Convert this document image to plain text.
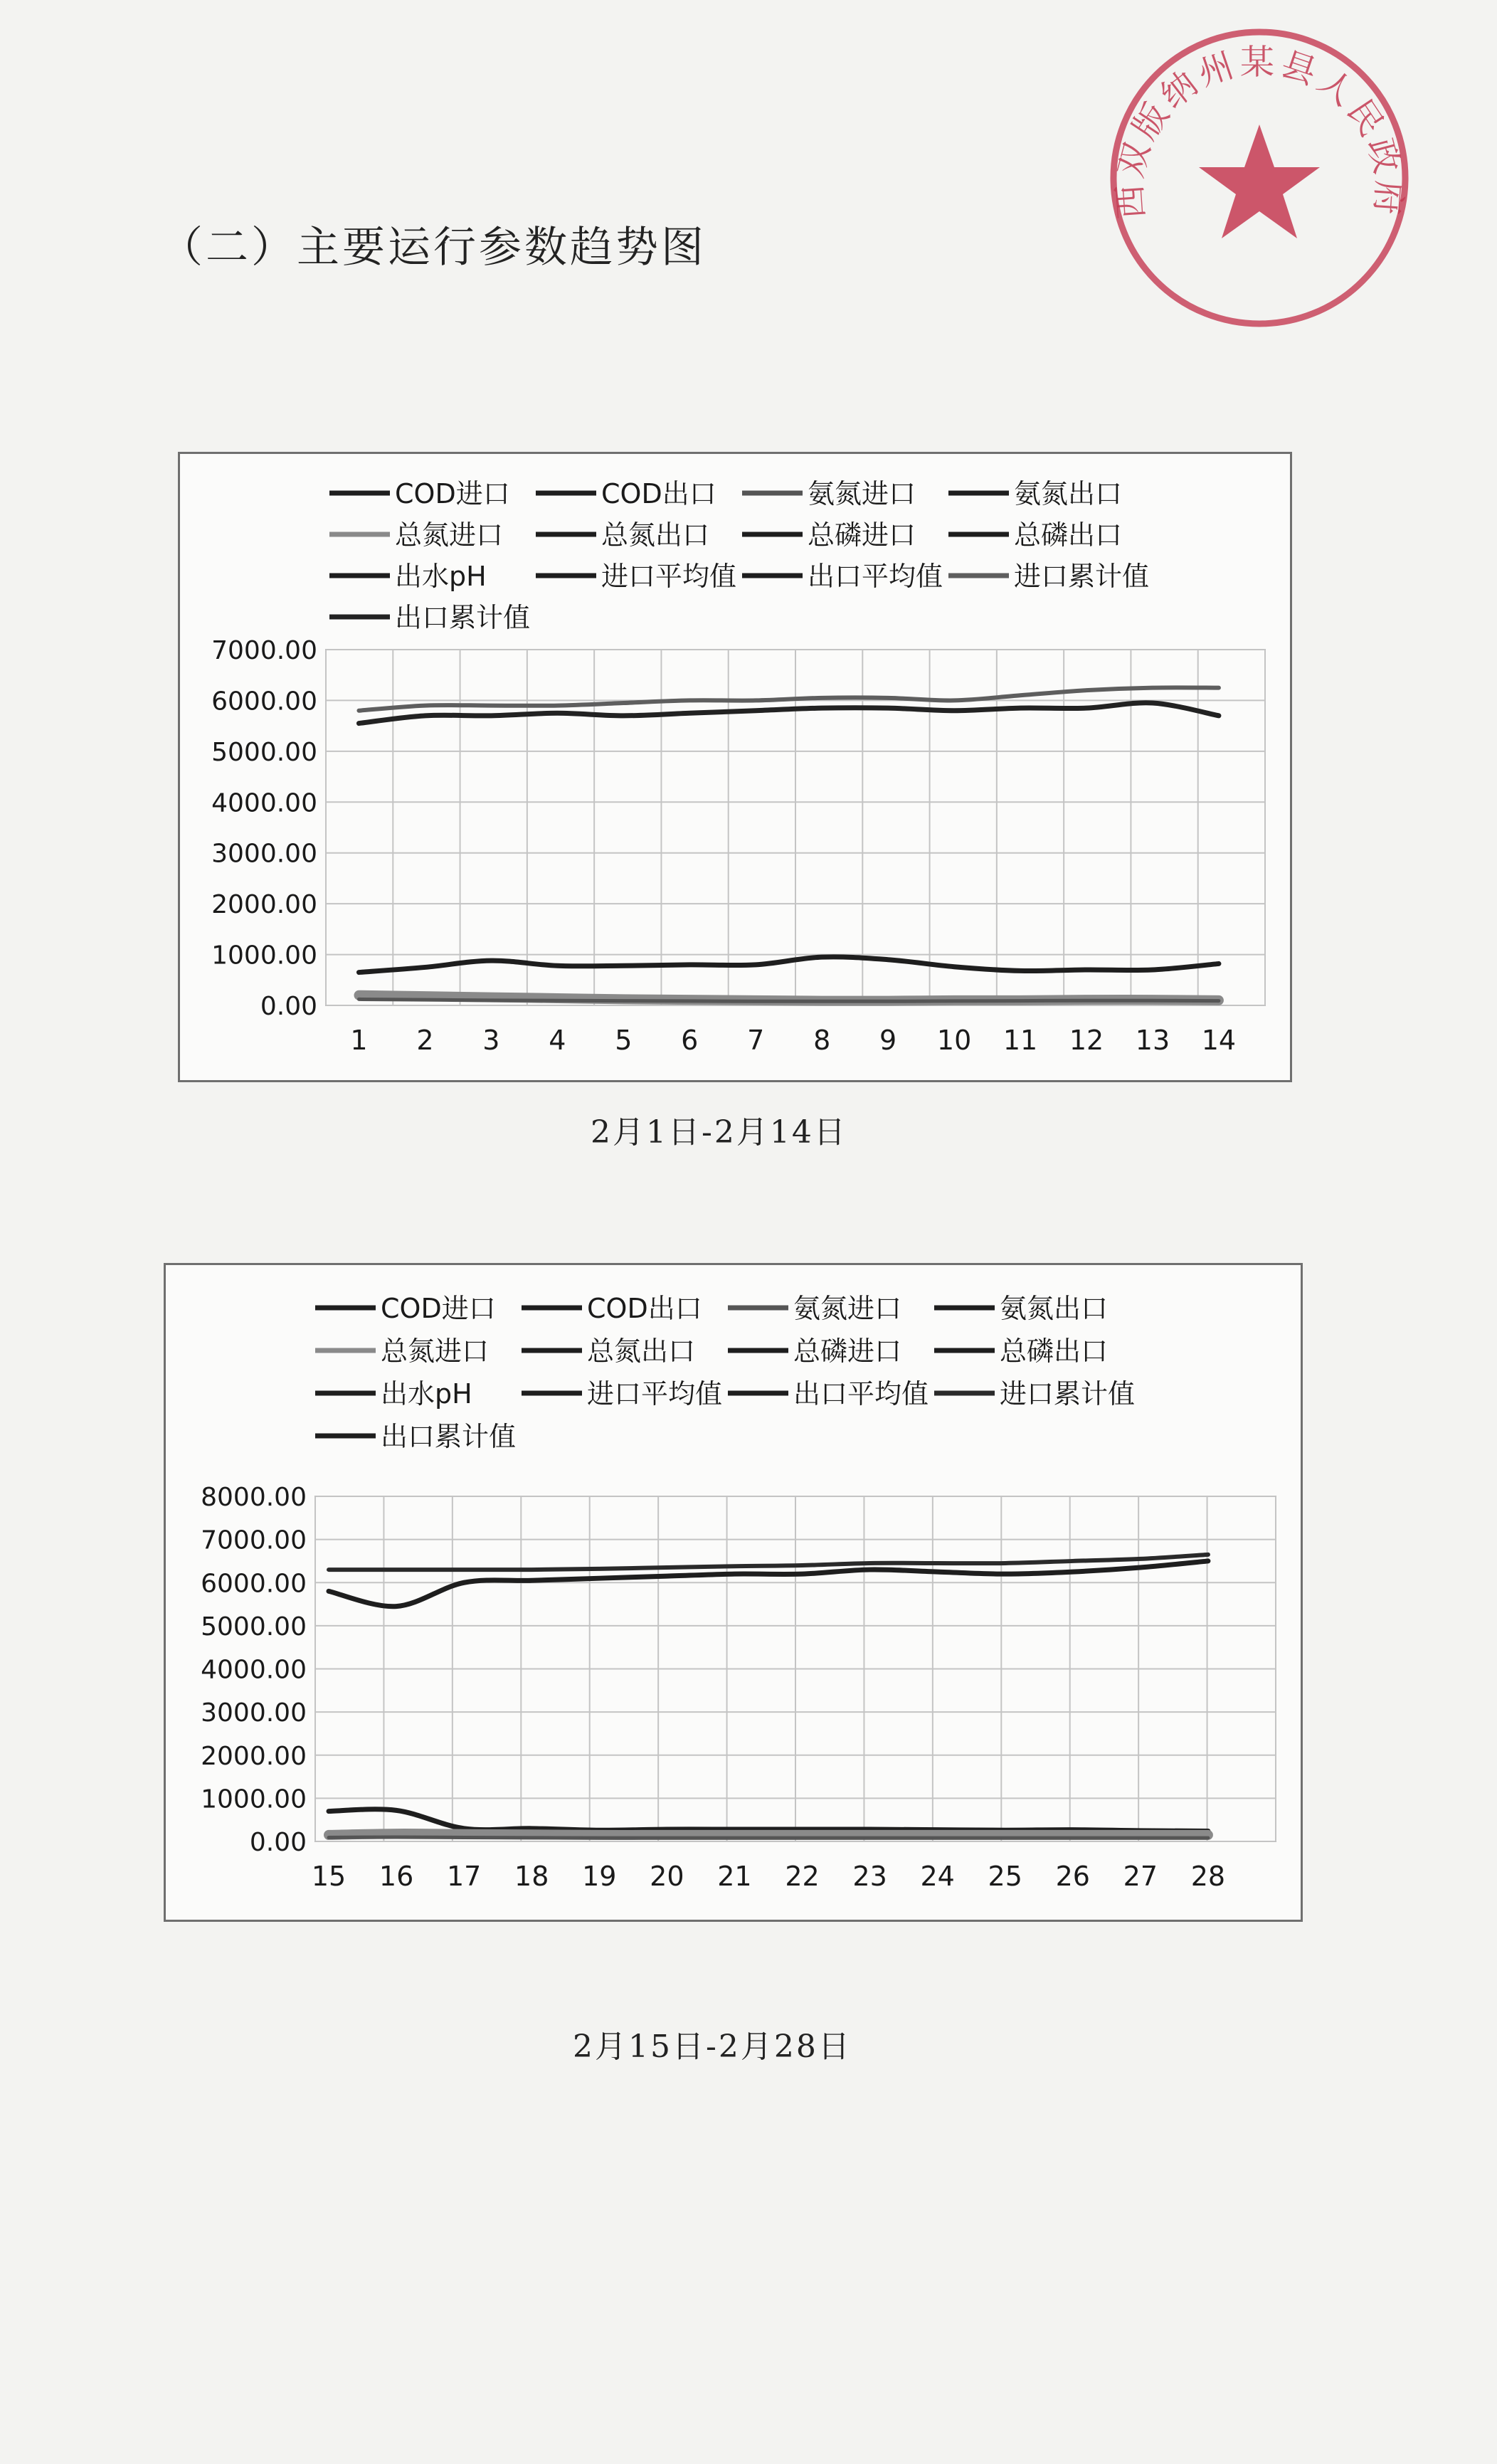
（二）主要运行参数趋势图
西双版纳州某县人民政府
COD进口	COD出口	氨氮进口	氨氮出口
总氮进口	总氮出口	总磷进口	总磷出口
出水pH	进口平均值	出口平均值	进口累计值
出口累计值
0.00
1000.00
2000.00
3000.00
4000.00
5000.00
6000.00
7000.00
1 2 3 4 5 6 7 8 9 10 11 12 13 14
2月1日-2月14日
COD进口	COD出口	氨氮进口	氨氮出口
总氮进口	总氮出口	总磷进口	总磷出口
出水pH	进口平均值	出口平均值	进口累计值
出口累计值
0.00
1000.00
2000.00
3000.00
4000.00
5000.00
6000.00
7000.00
8000.00
15 16 17 18 19 20 21 22 23 24 25 26 27 28
2月15日-2月28日
